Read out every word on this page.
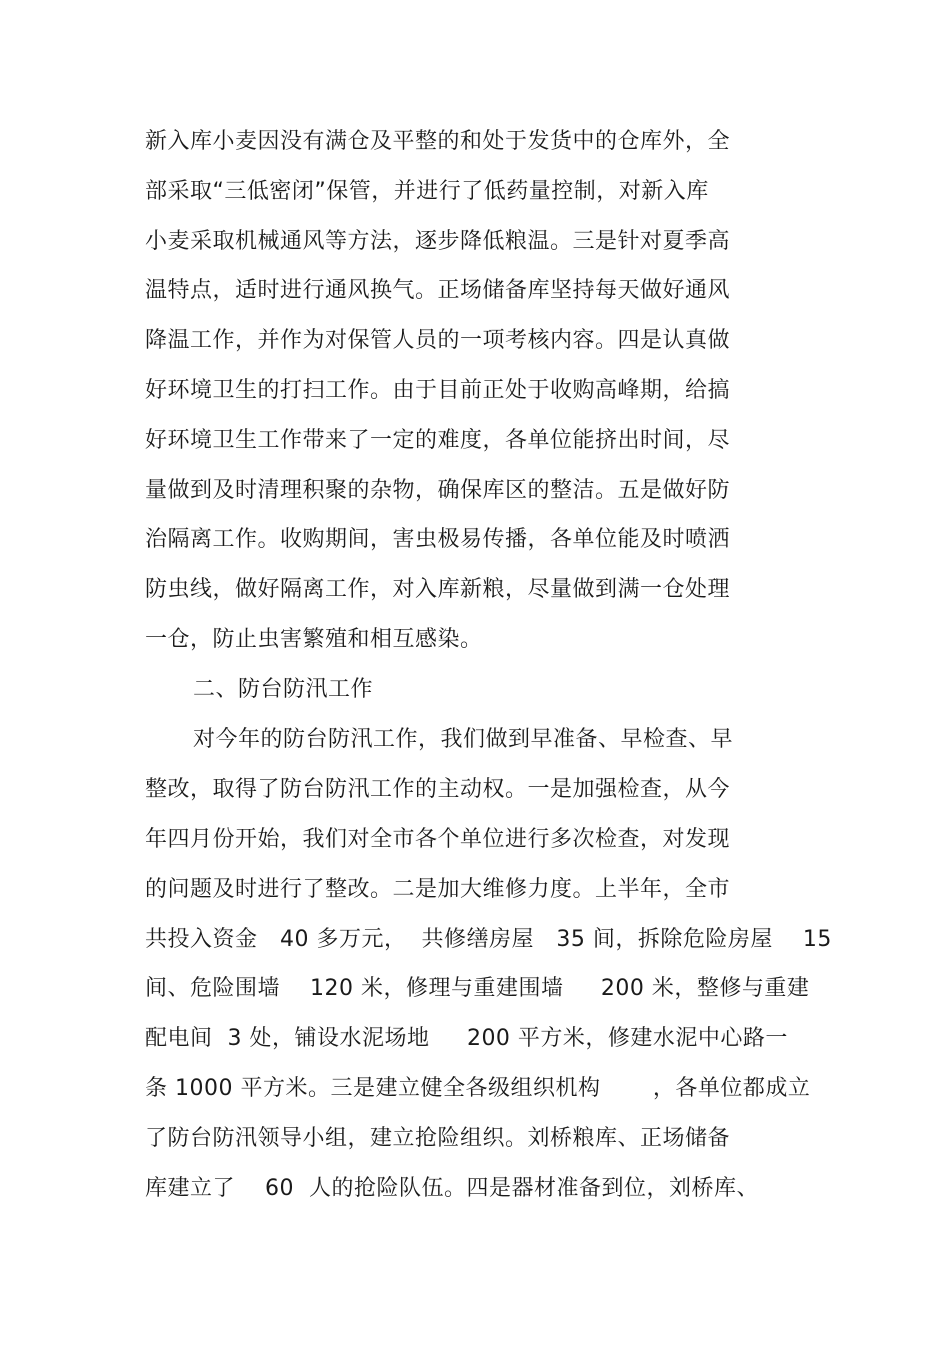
新入库小麦因没有满仓及平整的和处于发货中的仓库外，全
部采取“三低密闭”保管，并进行了低药量控制，对新入库
小麦采取机械通风等方法，逐步降低粮温。三是针对夏季高
温特点，适时进行通风换气。正场储备库坚持每天做好通风
降温工作，并作为对保管人员的一项考核内容。四是认真做
好环境卫生的打扫工作。由于目前正处于收购高峰期，给搞
好环境卫生工作带来了一定的难度，各单位能挤出时间，尽
量做到及时清理积聚的杂物，确保库区的整洁。五是做好防
治隔离工作。收购期间，害虫极易传播，各单位能及时喷洒
防虫线，做好隔离工作，对入库新粮，尽量做到满一仓处理
一仓，防止虫害繁殖和相互感染。
二、防台防汛工作
对今年的防台防汛工作，我们做到早准备、早检查、早
整改，取得了防台防汛工作的主动权。一是加强检查，从今
年四月份开始，我们对全市各个单位进行多次检查，对发现
的问题及时进行了整改。二是加大维修力度。上半年，全市
共投入资金   40 多万元，  共修缮房屋   35 间，拆除危险房屋    15
间、危险围墙    120 米，修理与重建围墙     200 米，整修与重建
配电间  3 处，铺设水泥场地     200 平方米，修建水泥中心路一
条 1000 平方米。三是建立健全各级组织机构       ，各单位都成立
了防台防汛领导小组，建立抢险组织。刘桥粮库、正场储备
库建立了    60  人的抢险队伍。四是器材准备到位，刘桥库、
